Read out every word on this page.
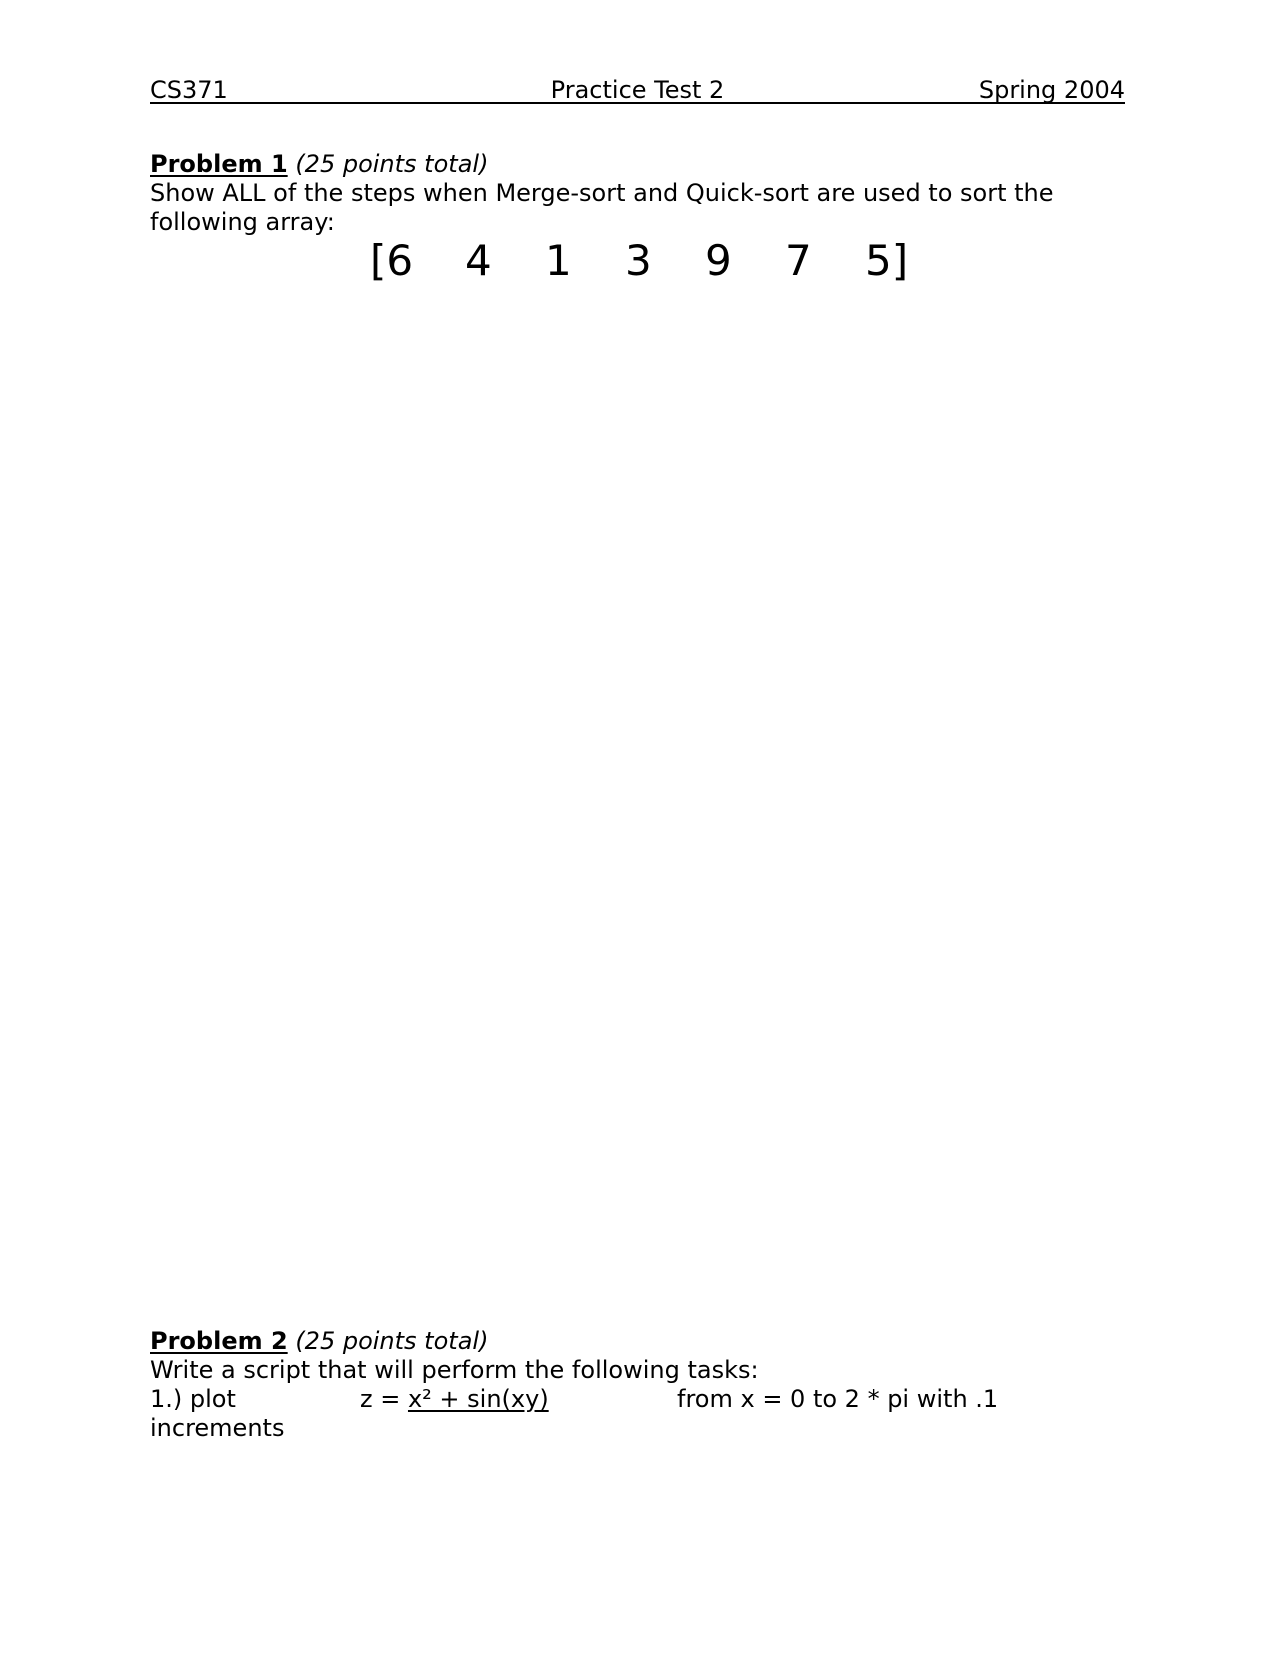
CS371	Practice Test 2	Spring 2004
Problem 1 (25 points total)
Show ALL of the steps when Merge-sort and Quick-sort are used to sort the
following array:
[6 4 1 3 9 7 5]
Problem 2 (25 points total)
Write a script that will perform the following tasks:
1.) plot	z = x² + sin(xy)	from x = 0 to 2 * pi with .1
increments
